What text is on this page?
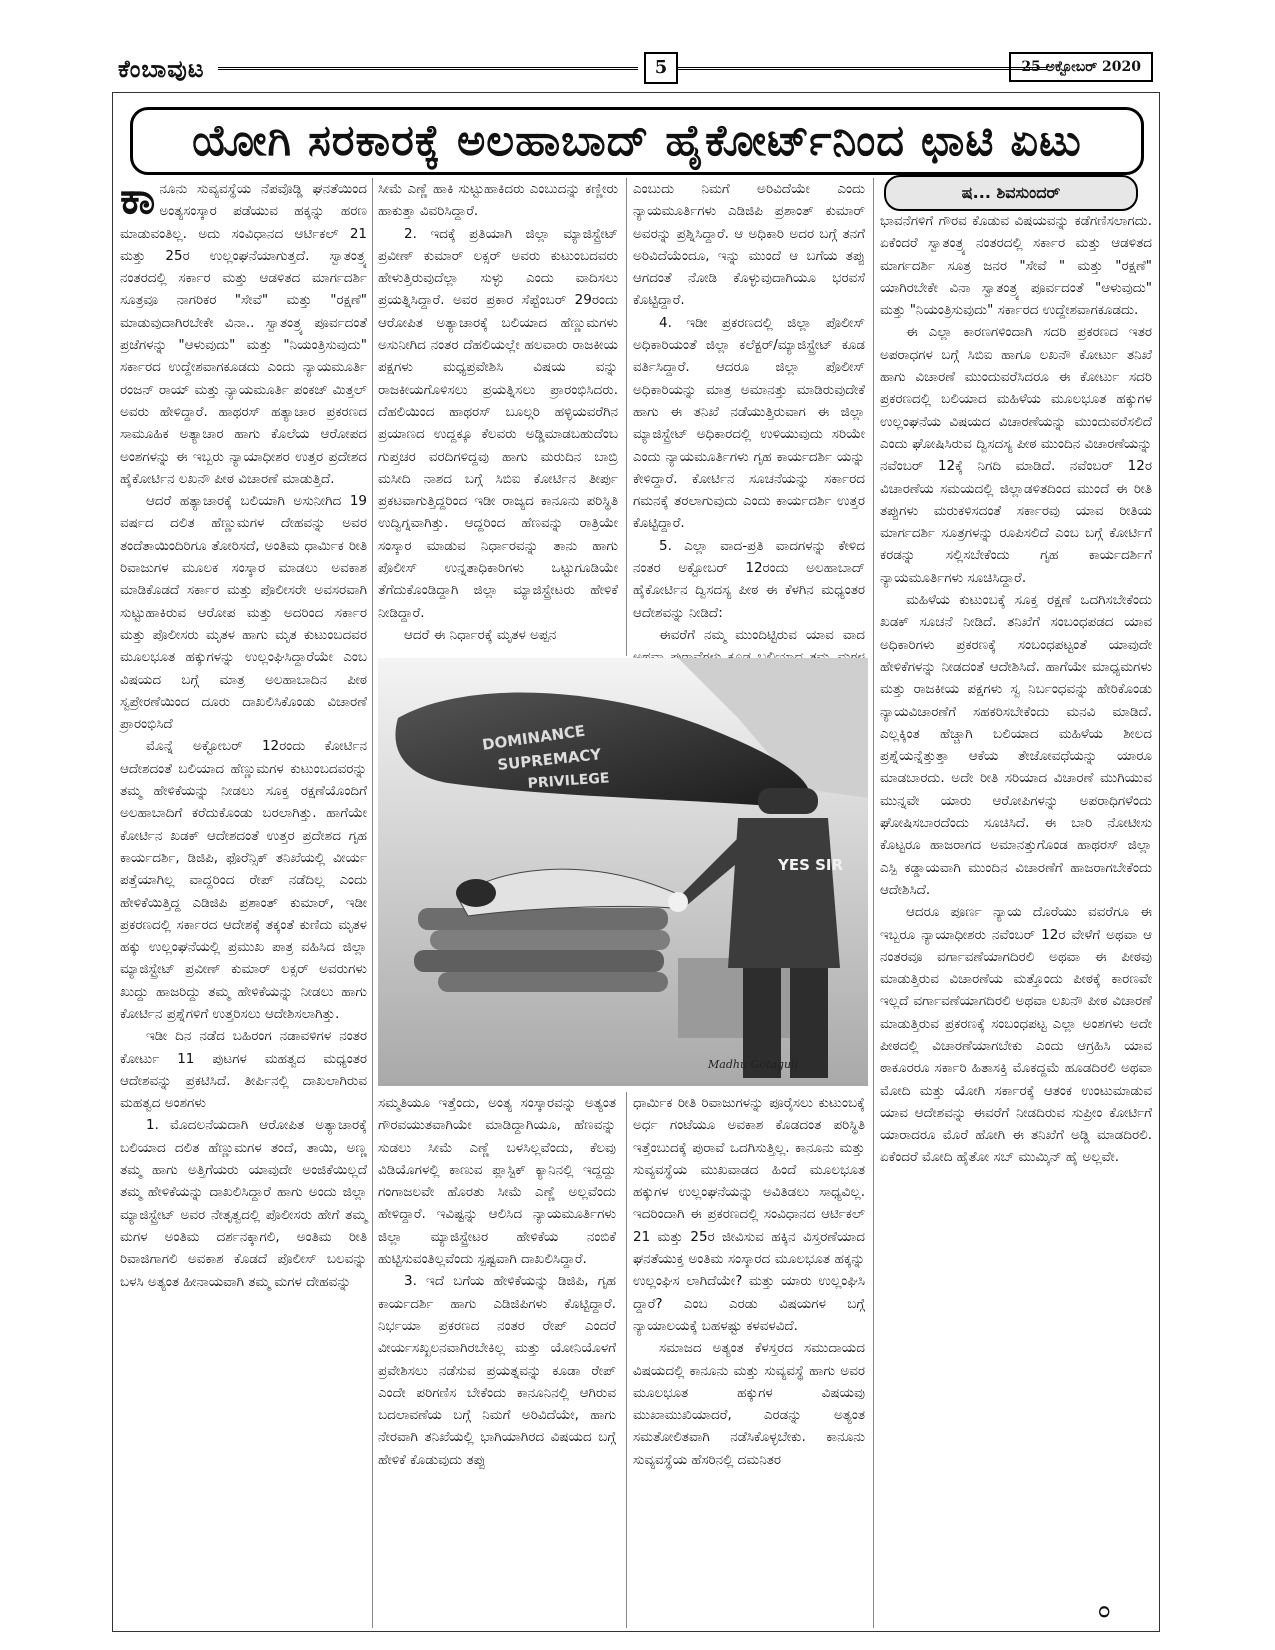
ಕೆಂಬಾವುಟ	5	25 ಅಕ್ಟೋಬರ್ 2020
ಯೋಗಿ ಸರಕಾರಕ್ಕೆ ಅಲಹಾಬಾದ್ ಹೈಕೋರ್ಟ್‌ನಿಂದ ಛಾಟಿ ಏಟು

ಕಾನೂನು ಸುವ್ಯವಸ್ಥೆಯ ನೆಪವೊಡ್ಡಿ ಘನತೆಯಿಂದ ಅಂತ್ಯಸಂಸ್ಕಾರ ಪಡೆಯುವ ಹಕ್ಕನ್ನು ಹರಣ ಮಾಡುವಂತಿಲ್ಲ. ಅದು ಸಂವಿಧಾನದ ಆರ್ಟಿಕಲ್ 21 ಮತ್ತು 25ರ ಉಲ್ಲಂಘನೆಯಾಗುತ್ತದೆ. ಸ್ವಾತಂತ್ರ್ಯ ನಂತರದಲ್ಲಿ ಸರ್ಕಾರ ಮತ್ತು ಆಡಳಿತದ ಮಾರ್ಗದರ್ಶಿ ಸೂತ್ರವೂ ನಾಗರಿಕರ "ಸೇವೆ" ಮತ್ತು "ರಕ್ಷಣೆ" ಮಾಡುವುದಾಗಿರಬೇಕೇ ವಿನಾ.. ಸ್ವಾತಂತ್ರ್ಯ ಪೂರ್ವದಂತೆ ಪ್ರಜೆಗಳನ್ನು "ಆಳುವುದು" ಮತ್ತು "ನಿಯಂತ್ರಿಸುವುದು" ಸರ್ಕಾರದ ಉದ್ದೇಶವಾಗಕೂಡದು ಎಂದು ನ್ಯಾಯಮೂರ್ತಿ ರಂಜನ್ ರಾಯ್ ಮತ್ತು ನ್ಯಾಯಮೂರ್ತಿ ಪಂಕಜ್ ಮಿತ್ತಲ್ ಅವರು ಹೇಳಿದ್ದಾರೆ. ಹಾಥರಸ್ ಹತ್ಯಾಚಾರ ಪ್ರಕರಣದ ಸಾಮೂಹಿಕ ಅತ್ಯಾಚಾರ ಹಾಗು ಕೊಲೆಯ ಆರೋಪದ ಅಂಶಗಳನ್ನು ಈ ಇಬ್ಬರು ನ್ಯಾಯಾಧೀಶರ ಉತ್ತರ ಪ್ರದೇಶದ ಹೈಕೋರ್ಟಿನ ಲಖನೌ ಪೀಠ ವಿಚಾರಣೆ ಮಾಡುತ್ತಿದೆ.

ಆದರೆ ಹತ್ಯಾಚಾರಕ್ಕೆ ಬಲಿಯಾಗಿ ಅಸುನೀಗಿದ 19 ವರ್ಷದ ದಲಿತ ಹೆಣ್ಣುಮಗಳ ದೇಹವನ್ನು ಅವರ ತಂದೆತಾಯಿಂದಿರಿಗೂ ತೋರಿಸದೆ, ಅಂತಿಮ ಧಾರ್ಮಿಕ ರೀತಿ ರಿವಾಜುಗಳ ಮೂಲಕ ಸಂಸ್ಕಾರ ಮಾಡಲು ಅವಕಾಶ ಮಾಡಿಕೊಡದೆ ಸರ್ಕಾರ ಮತ್ತು ಪೊಲೀಸರೇ ಅವಸರವಾಗಿ ಸುಟ್ಟುಹಾಕಿರುವ ಆರೋಪ ಮತ್ತು ಅದರಿಂದ ಸರ್ಕಾರ ಮತ್ತು ಪೊಲೀಸರು ಮೃತಳ ಹಾಗು ಮೃತ ಕುಟುಂಬದವರ ಮೂಲಭೂತ ಹಕ್ಕುಗಳನ್ನು ಉಲ್ಲಂಘಿಸಿದ್ದಾರೆಯೇ ಎಂಬ ವಿಷಯದ ಬಗ್ಗೆ ಮಾತ್ರ ಅಲಹಾಬಾದಿನ ಪೀಠ ಸ್ವಪ್ರೇರಣೆಯಿಂದ ದೂರು ದಾಖಲಿಸಿಕೊಂಡು ವಿಚಾರಣೆ ಪ್ರಾರಂಭಿಸಿದೆ

ಮೊನ್ನೆ ಅಕ್ಟೋಬರ್ 12ರಂದು ಕೋರ್ಟಿನ ಆದೇಶದಂತೆ ಬಲಿಯಾದ ಹೆಣ್ಣುಮಗಳ ಕುಟುಂಬದವರನ್ನು ತಮ್ಮ ಹೇಳಿಕೆಯನ್ನು ನೀಡಲು ಸೂಕ್ತ ರಕ್ಷಣೆಯೊಂದಿಗೆ ಅಲಹಾಬಾದಿಗೆ ಕರೆದುಕೊಂಡು ಬರಲಾಗಿತ್ತು. ಹಾಗೆಯೇ ಕೋರ್ಟಿನ ಖಡಕ್ ಆದೇಶದಂತೆ ಉತ್ತರ ಪ್ರದೇಶದ ಗೃಹ ಕಾರ್ಯದರ್ಶಿ, ಡಿಜಿಪಿ, ಫೊರೆನ್ಸಿಕ್ ತನಿಖೆಯಲ್ಲಿ ವೀರ್ಯ ಪತ್ತೆಯಾಗಿಲ್ಲ ವಾದ್ದರಿಂದ ರೇಪ್ ನಡೆದಿಲ್ಲ ಎಂದು ಹೇಳಿಕೆಯಿತ್ತಿದ್ದ ಎಡಿಜಿಪಿ ಪ್ರಶಾಂತ್ ಕುಮಾರ್, ಇಡೀ ಪ್ರಕರಣದಲ್ಲಿ ಸರ್ಕಾರದ ಆದೇಶಕ್ಕೆ ತಕ್ಕಂತೆ ಕುಣಿದು ಮೃತಳ ಹಕ್ಕು ಉಲ್ಲಂಘನೆಯಲ್ಲಿ ಪ್ರಮುಖ ಪಾತ್ರ ವಹಿಸಿದ ಜಿಲ್ಲಾ ಮ್ಯಾಜಿಸ್ಟ್ರೇಟ್ ಪ್ರವೀಣ್ ಕುಮಾರ್ ಲಕ್ಸರ್ ಅವರುಗಳು ಖುದ್ದು ಹಾಜರಿದ್ದು ತಮ್ಮ ಹೇಳಿಕೆಯನ್ನು ನೀಡಲು ಹಾಗು ಕೋರ್ಟಿನ ಪ್ರಶ್ನೆಗಳಿಗೆ ಉತ್ತರಿಸಲು ಆದೇಶಿಸಲಾಗಿತ್ತು.

ಇಡೀ ದಿನ ನಡೆದ ಬಹಿರಂಗ ನಡಾವಳಿಗಳ ನಂತರ ಕೋರ್ಟು 11 ಪುಟಗಳ ಮಹತ್ವದ ಮಧ್ಯಂತರ ಆದೇಶವನ್ನು ಪ್ರಕಟಿಸಿದೆ. ತೀರ್ಪಿನಲ್ಲಿ ದಾಖಲಾಗಿರುವ ಮಹತ್ವದ ಅಂಶಗಳು

1. ಮೊದಲನೆಯದಾಗಿ ಆರೋಪಿತ ಅತ್ಯಾಚಾರಕ್ಕೆ ಬಲಿಯಾದ ದಲಿತ ಹೆಣ್ಣುಮಗಳ ತಂದೆ, ತಾಯಿ, ಅಣ್ಣ ತಮ್ಮ ಹಾಗು ಅತ್ತಿಗೆಯರು ಯಾವುದೇ ಅಂಜಿಕೆಯಿಲ್ಲದೆ ತಮ್ಮ ಹೇಳಿಕೆಯನ್ನು ದಾಖಲಿಸಿದ್ದಾರೆ ಹಾಗು ಅಂದು ಜಿಲ್ಲಾ ಮ್ಯಾಜಿಸ್ಟ್ರೇಟ್ ಅವರ ನೇತೃತ್ವದಲ್ಲಿ ಪೊಲೀಸರು ಹೇಗೆ ತಮ್ಮ ಮಗಳ ಅಂತಿಮ ದರ್ಶನಕ್ಕಾಗಲಿ, ಅಂತಿಮ ರೀತಿ ರಿವಾಜಿಗಾಗಲಿ ಅವಕಾಶ ಕೊಡದೆ ಪೊಲೀಸ್ ಬಲವನ್ನು ಬಳಸಿ ಅತ್ಯಂತ ಹೀನಾಯವಾಗಿ ತಮ್ಮ ಮಗಳ ದೇಹವನ್ನು

ಸೀಮೆ ಎಣ್ಣೆ ಹಾಕಿ ಸುಟ್ಟುಹಾಕಿದರು ಎಂಬುದನ್ನು ಕಣ್ಣೀರು ಹಾಕುತ್ತಾ ವಿವರಿಸಿದ್ದಾರೆ.

2. ಇದಕ್ಕೆ ಪ್ರತಿಯಾಗಿ ಜಿಲ್ಲಾ ಮ್ಯಾಜಿಸ್ಟ್ರೇಟ್ ಪ್ರವೀಣ್ ಕುಮಾರ್ ಲಕ್ಸರ್ ಅವರು ಕುಟುಂಬದವರು ಹೇಳುತ್ತಿರುವುದೆಲ್ಲಾ ಸುಳ್ಳು ಎಂದು ವಾದಿಸಲು ಪ್ರಯತ್ನಿಸಿದ್ದಾರೆ. ಅವರ ಪ್ರಕಾರ ಸೆಪ್ಟೆಂಬರ್ 29ರಂದು ಆರೋಪಿತ ಅತ್ಯಾಚಾರಕ್ಕೆ ಬಲಿಯಾದ ಹೆಣ್ಣುಮಗಳು ಅಸುನೀಗಿದ ನಂತರ ದೆಹಲಿಯಲ್ಲೇ ಹಲವಾರು ರಾಜಕೀಯ ಪಕ್ಷಗಳು ಮಧ್ಯಪ್ರವೇಶಿಸಿ ವಿಷಯ ವನ್ನು ರಾಜಕೀಯಗೊಳಿಸಲು ಪ್ರಯತ್ನಿಸಲು ಪ್ರಾರಂಭಿಸಿದರು. ದೆಹಲಿಯಿಂದ ಹಾಥರಸ್ ಬೂಲ್ಗರಿ ಹಳ್ಳಿಯವರೆಗಿನ ಪ್ರಯಾಣದ ಉದ್ದಕ್ಕೂ ಕೆಲವರು ಅಡ್ಡಿಮಾಡಬಹುದೆಂಬ ಗುಪ್ತಚರ ವರದಿಗಳಿದ್ದವು ಹಾಗು ಮರುದಿನ ಬಾಬ್ರಿ ಮಸೀದಿ ನಾಶದ ಬಗ್ಗೆ ಸಿಬಿಐ ಕೋರ್ಟಿನ ತೀರ್ಪು ಪ್ರಕಟವಾಗುತ್ತಿದ್ದರಿಂದ ಇಡೀ ರಾಜ್ಯದ ಕಾನೂನು ಪರಿಸ್ಥಿತಿ ಉದ್ವಿಗ್ನವಾಗಿತ್ತು. ಆದ್ದರಿಂದ ಹೆಣವನ್ನು ರಾತ್ರಿಯೇ ಸಂಸ್ಕಾರ ಮಾಡುವ ನಿರ್ಧಾರವನ್ನು ತಾನು ಹಾಗು ಪೊಲೀಸ್ ಉನ್ನತಾಧಿಕಾರಿಗಳು ಒಟ್ಟುಗೂಡಿಯೇ ತೆಗೆದುಕೊಂಡಿದ್ದಾಗಿ ಜಿಲ್ಲಾ ಮ್ಯಾಜಿಸ್ಟ್ರೇಟರು ಹೇಳಿಕೆ ನೀಡಿದ್ದಾರೆ.

ಆದರೆ ಈ ನಿರ್ಧಾರಕ್ಕೆ ಮೃತಳ ಅಪ್ಪನ

ಎಂಬುದು ನಿಮಗೆ ಅರಿವಿದೆಯೇ ಎಂದು ನ್ಯಾಯಮೂರ್ತಿಗಳು ಎಡಿಜಿಪಿ ಪ್ರಶಾಂತ್ ಕುಮಾರ್ ಅವರನ್ನು ಪ್ರಶ್ನಿಸಿದ್ದಾರೆ. ಆ ಅಧಿಕಾರಿ ಅದರ ಬಗ್ಗೆ ತನಗೆ ಅರಿವಿದೆಯೆಂದೂ, ಇನ್ನು ಮುಂದೆ ಆ ಬಗೆಯ ತಪ್ಪು ಆಗದಂತೆ ನೋಡಿ ಕೊಳ್ಳುವುದಾಗಿಯೂ ಭರವಸೆ ಕೊಟ್ಟಿದ್ದಾರೆ.

4. ಇಡೀ ಪ್ರಕರಣದಲ್ಲಿ ಜಿಲ್ಲಾ ಪೊಲೀಸ್ ಅಧಿಕಾರಿಯಂತೆ ಜಿಲ್ಲಾ ಕಲೆಕ್ಟರ್/ಮ್ಯಾಜಿಸ್ಟ್ರೇಟ್ ಕೂಡ ವರ್ತಿಸಿದ್ದಾರೆ. ಆದರೂ ಜಿಲ್ಲಾ ಪೊಲೀಸ್ ಅಧಿಕಾರಿಯನ್ನು ಮಾತ್ರ ಅಮಾನತ್ತು ಮಾಡಿರುವುದೇಕೆ ಹಾಗು ಈ ತನಿಖೆ ನಡೆಯುತ್ತಿರುವಾಗ ಈ ಜಿಲ್ಲಾ ಮ್ಯಾಜಿಸ್ಟ್ರೇಟ್ ಅಧಿಕಾರದಲ್ಲಿ ಉಳಿಯುವುದು ಸರಿಯೇ ಎಂದು ನ್ಯಾಯಮೂರ್ತಿಗಳು ಗೃಹ ಕಾರ್ಯದರ್ಶಿ ಯನ್ನು ಕೇಳಿದ್ದಾರೆ. ಕೋರ್ಟಿನ ಸೂಚನೆಯನ್ನು ಸರ್ಕಾರದ ಗಮನಕ್ಕೆ ತರಲಾಗುವುದು ಎಂದು ಕಾರ್ಯದರ್ಶಿ ಉತ್ತರ ಕೊಟ್ಟಿದ್ದಾರೆ.

5. ಎಲ್ಲಾ ವಾದ-ಪ್ರತಿ ವಾದಗಳನ್ನು ಕೇಳಿದ ನಂತರ ಅಕ್ಟೋಬರ್ 12ರಂದು ಅಲಹಾಬಾದ್ ಹೈಕೋರ್ಟಿನ ದ್ವಿಸದಸ್ಯ ಪೀಠ ಈ ಕೆಳಗಿನ ಮಧ್ಯಂತರ ಆದೇಶವನ್ನು ನೀಡಿದೆ:

ಈವರೆಗೆ ನಮ್ಮ ಮುಂದಿಟ್ಟಿರುವ ಯಾವ ವಾದ

ಷ... ಶಿವಸುಂದರ್

ಭಾವನೆಗಳಿಗೆ ಗೌರವ ಕೊಡುವ ವಿಷಯವನ್ನು ಕಡೆಗಣಿಸಲಾಗದು. ಏಕೆಂದರೆ ಸ್ವಾತಂತ್ರ್ಯ ನಂತರದಲ್ಲಿ ಸರ್ಕಾರ ಮತ್ತು ಆಡಳಿತದ ಮಾರ್ಗದರ್ಶಿ ಸೂತ್ರ ಜನರ "ಸೇವೆ " ಮತ್ತು "ರಕ್ಷಣೆ" ಯಾಗಿರಬೇಕೇ ವಿನಾ ಸ್ವಾತಂತ್ರ್ಯ ಪೂರ್ವದಂತೆ "ಆಳುವುದು" ಮತ್ತು "ನಿಯಂತ್ರಿಸುವುದು" ಸರ್ಕಾರದ ಉದ್ದೇಶವಾಗಕೂಡದು.

ಈ ಎಲ್ಲಾ ಕಾರಣಗಳಿಂದಾಗಿ ಸದರಿ ಪ್ರಕರಣದ ಇತರ ಅಪರಾಧಗಳ ಬಗ್ಗೆ ಸಿಬಿಐ ಹಾಗೂ ಲಖನೌ ಕೋರ್ಟು ತನಿಖೆ ಹಾಗು ವಿಚಾರಣೆ ಮುಂದುವರೆಸಿದರೂ ಈ ಕೋರ್ಟು ಸದರಿ ಪ್ರಕರಣದಲ್ಲಿ ಬಲಿಯಾದ ಮಹಿಳೆಯ ಮೂಲಭೂತ ಹಕ್ಕುಗಳ ಉಲ್ಲಂಘನೆಯ ವಿಷಯದ ವಿಚಾರಣೆಯನ್ನು ಮುಂದುವರೆಸಲಿದೆ ಎಂದು ಘೋಷಿಸಿರುವ ದ್ವಿಸದಸ್ಯ ಪೀಠ ಮುಂದಿನ ವಿಚಾರಣೆಯನ್ನು ನವೆಂಬರ್ 12ಕ್ಕೆ ನಿಗದಿ ಮಾಡಿದೆ. ನವೆಂಬರ್ 12ರ ವಿಚಾರಣೆಯ ಸಮಯದಲ್ಲಿ ಜಿಲ್ಲಾಡಳಿತದಿಂದ ಮುಂದೆ ಈ ರೀತಿ ತಪ್ಪುಗಳು ಮರುಕಳಿಸದಂತೆ ಸರ್ಕಾರವು ಯಾವ ರೀತಿಯ ಮಾರ್ಗದರ್ಶಿ ಸೂತ್ರಗಳನ್ನು ರೂಪಿಸಲಿದೆ ಎಂಬ ಬಗ್ಗೆ ಕೋರ್ಟಿಗೆ ಕರಡನ್ನು ಸಲ್ಲಿಸಬೇಕೆಂದು ಗೃಹ ಕಾರ್ಯದರ್ಶಿಗೆ ನ್ಯಾಯಮೂರ್ತಿಗಳು ಸೂಚಿಸಿದ್ದಾರೆ.

ಮಹಿಳೆಯ ಕುಟುಂಬಕ್ಕೆ ಸೂಕ್ತ ರಕ್ಷಣೆ ಒದಗಿಸಬೇಕೆಂದು ಖಡಕ್ ಸೂಚನೆ ನೀಡಿದೆ. ತನಿಖೆಗೆ ಸಂಬಂಧಪಡದ ಯಾವ ಅಧಿಕಾರಿಗಳು ಪ್ರಕರಣಕ್ಕೆ ಸಂಬಂಧಪಟ್ಟಂತೆ ಯಾವುದೇ ಹೇಳಿಕೆಗಳನ್ನು ನೀಡದಂತೆ ಆದೇಶಿಸಿದೆ. ಹಾಗೆಯೇ ಮಾಧ್ಯಮಗಳು ಮತ್ತು ರಾಜಕೀಯ ಪಕ್ಷಗಳು ಸ್ವ ನಿರ್ಬಂಧವನ್ನು ಹೇರಿಕೊಂಡು ನ್ಯಾಯವಿಚಾರಣೆಗೆ ಸಹಕರಿಸಬೇಕೆಂದು ಮನವಿ ಮಾಡಿದೆ. ಎಲ್ಲಕ್ಕಿಂತ ಹೆಚ್ಚಾಗಿ ಬಲಿಯಾದ ಮಹಿಳೆಯ ಶೀಲದ ಪ್ರಶ್ನೆಯನ್ನೆತ್ತುತ್ತಾ ಆಕೆಯ ತೇಜೋವಧೆಯನ್ನು ಯಾರೂ ಮಾಡಬಾರದು. ಅದೇ ರೀತಿ ಸರಿಯಾದ ವಿಚಾರಣೆ ಮುಗಿಯುವ ಮುನ್ನವೇ ಯಾರು ಆರೋಪಿಗಳನ್ನು ಅಪರಾಧಿಗಳೆಂದು ಘೋಷಿಸಬಾರದೆಂದು ಸೂಚಿಸಿದೆ. ಈ ಬಾರಿ ನೋಟೀಸು ಕೊಟ್ಟರೂ ಹಾಜರಾಗದ ಅಮಾನತ್ತುಗೊಂಡ ಹಾಥರಸ್ ಜಿಲ್ಲಾ ಎಸ್ಪಿ ಕಡ್ಡಾಯವಾಗಿ ಮುಂದಿನ ವಿಚಾರಣೆಗೆ ಹಾಜರಾಗಬೇಕೆಂದು ಆದೇಶಿಸಿದೆ.

ಆದರೂ ಪೂರ್ಣ ನ್ಯಾಯ ದೊರೆಯು ವವರೆಗೂ ಈ ಇಬ್ಬರೂ ನ್ಯಾಯಾಧೀಶರು ನವೆಂಬರ್ 12ರ ವೇಳೆಗೆ ಅಥವಾ ಆ ನಂತರವೂ ವರ್ಗಾವಣೆಯಾಗದಿರಲಿ ಅಥವಾ ಈ ಪೀಠವು ಮಾಡುತ್ತಿರುವ ವಿಚಾರಣೆಯ ಮತ್ತೊಂದು ಪೀಠಕ್ಕೆ ಕಾರಣವೇ ಇಲ್ಲದೆ ವರ್ಗಾವಣೆಯಾಗದಿರಲಿ ಅಥವಾ ಲಖನೌ ಪೀಠ ವಿಚಾರಣೆ ಮಾಡುತ್ತಿರುವ ಪ್ರಕರಣಕ್ಕೆ ಸಂಬಂಧಪಟ್ಟ ಎಲ್ಲಾ ಅಂಶಗಳು ಅದೇ ಪೀಠದಲ್ಲಿ ವಿಚಾರಣೆಯಾಗಬೇಕು ಎಂದು ಆಗ್ರಹಿಸಿ ಯಾವ ಠಾಕೂರರೂ ಸರ್ಕಾರಿ ಹಿತಾಸಕ್ತಿ ಮೊಕದ್ದಮೆ ಹೂಡದಿರಲಿ ಅಥವಾ ಮೋದಿ ಮತ್ತು ಯೋಗಿ ಸರ್ಕಾರಕ್ಕೆ ಆತಂಕ ಉಂಟುಮಾಡುವ ಯಾವ ಆದೇಶವನ್ನು ಈವರೆಗೆ ನೀಡದಿರುವ ಸುಪ್ರೀಂ ಕೋರ್ಟಿಗೆ ಯಾರಾದರೂ ಮೊರೆ ಹೋಗಿ ಈ ತನಿಖೆಗೆ ಅಡ್ಡಿ ಮಾಡದಿರಲಿ. ಏಕೆಂದರೆ ಮೋದಿ ಹೈತೋ ಸಬ್ ಮುಮ್ಕಿನ್ ಹೈ ಅಲ್ಲವೇ.

೦
DOMINANCE
SUPREMACY
PRIVILEGE
YES SIR
Madhu Gotaguli

ಸಮ್ಮತಿಯೂ ಇತ್ತೆಂದು, ಅಂತ್ಯ ಸಂಸ್ಕಾರವನ್ನು ಅತ್ಯಂತ ಗೌರವಯುತವಾಗಿಯೇ ಮಾಡಿದ್ದಾಗಿಯೂ, ಹೆಣವನ್ನು ಸುಡಲು ಸೀಮೆ ಎಣ್ಣೆ ಬಳಸಿಲ್ಲವೆಂದು, ಕೆಲವು ವಿಡಿಯೊಗಳಲ್ಲಿ ಕಾಣುವ ಪ್ಲಾಸ್ಟಿಕ್ ಕ್ಯಾನಿನಲ್ಲಿ ಇದ್ದದ್ದು ಗಂಗಾಜಲವೇ ಹೊರತು ಸೀಮೆ ಎಣ್ಣೆ ಅಲ್ಲವೆಂದು ಹೇಳಿದ್ದಾರೆ. ಇವಿಷ್ಟನ್ನು ಆಲಿಸಿದ ನ್ಯಾಯಮೂರ್ತಿಗಳು ಜಿಲ್ಲಾ ಮ್ಯಾಜಿಸ್ಟ್ರೇಟರ ಹೇಳಿಕೆಯ ನಂಬಿಕೆ ಹುಟ್ಟಿಸುವಂತಿಲ್ಲವೆಂದು ಸ್ಪಷ್ಟವಾಗಿ ದಾಖಲಿಸಿದ್ದಾರೆ.

3. ಇದೆ ಬಗೆಯ ಹೇಳಿಕೆಯನ್ನು ಡಿಜಿಪಿ, ಗೃಹ ಕಾರ್ಯದರ್ಶಿ ಹಾಗು ಎಡಿಜಿಪಿಗಳು ಕೊಟ್ಟಿದ್ದಾರೆ. ನಿರ್ಭಯಾ ಪ್ರಕರಣದ ನಂತರ ರೇಪ್ ಎಂದರೆ ವೀರ್ಯಸಖ್ಖಲನವಾಗಿರಬೇಕಿಲ್ಲ ಮತ್ತು ಯೋನಿಯೊಳಗೆ ಪ್ರವೇಶಿಸಲು ನಡೆಸುವ ಪ್ರಯತ್ನವನ್ನು ಕೂಡಾ ರೇಪ್ ಎಂದೇ ಪರಿಗಣಿಸ ಬೇಕೆಂದು ಕಾನೂನಿನಲ್ಲಿ ಆಗಿರುವ ಬದಲಾವಣೆಯ ಬಗ್ಗೆ ನಿಮಗೆ ಅರಿವಿದೆಯೇ, ಹಾಗು ನೇರವಾಗಿ ತನಿಖೆಯಲ್ಲಿ ಭಾಗಿಯಾಗಿರದ ವಿಷಯದ ಬಗ್ಗೆ ಹೇಳಿಕೆ ಕೊಡುವುದು ತಪ್ಪು

ಧಾರ್ಮಿಕ ರೀತಿ ರಿವಾಜುಗಳನ್ನು ಪೂರೈಸಲು ಕುಟುಂಬಕ್ಕೆ ಅರ್ಧ ಗಂಟೆಯೂ ಅವಕಾಶ ಕೊಡದಂತ ಪರಿಸ್ಥಿತಿ ಇತ್ತೆಂಬುದಕ್ಕೆ ಪುರಾವೆ ಒದಗಿಸುತ್ತಿಲ್ಲ. ಕಾನೂನು ಮತ್ತು ಸುವ್ಯವಸ್ಥೆಯ ಮುಖವಾಡದ ಹಿಂದೆ ಮೂಲಭೂತ ಹಕ್ಕುಗಳ ಉಲ್ಲಂಘನೆಯನ್ನು ಅವಿತಿಡಲು ಸಾಧ್ಯವಿಲ್ಲ. ಇದರಿಂದಾಗಿ ಈ ಪ್ರಕರಣದಲ್ಲಿ ಸಂವಿಧಾನದ ಆರ್ಟಿಕಲ್ 21 ಮತ್ತು 25ರ ಜೀವಿಸುವ ಹಕ್ಕಿನ ವಿಸ್ತರಣೆಯಾದ ಘನತೆಯುಕ್ತ ಅಂತಿಮ ಸಂಸ್ಕಾರದ ಮೂಲಭೂತ ಹಕ್ಕನ್ನು ಉಲ್ಲಂಘಿಸ ಲಾಗಿದೆಯೇ? ಮತ್ತು ಯಾರು ಉಲ್ಲಂಘಿಸಿ ದ್ದಾರೆ? ಎಂಬ ಎರಡು ವಿಷಯಗಳ ಬಗ್ಗೆ ನ್ಯಾಯಾಲಯಕ್ಕೆ ಬಹಳಷ್ಟು ಕಳವಳವಿದೆ.

ಸಮಾಜದ ಅತ್ಯಂತ ಕೆಳಸ್ತರದ ಸಮುದಾಯದ ವಿಷಯದಲ್ಲಿ ಕಾನೂನು ಮತ್ತು ಸುವ್ಯವಸ್ಥೆ ಹಾಗು ಅವರ ಮೂಲಭೂತ ಹಕ್ಕುಗಳ ವಿಷಯವು ಮುಖಾಮುಖಿಯಾದರೆ, ಎರಡನ್ನು ಅತ್ಯಂತ ಸಮತೋಲಿತವಾಗಿ ನಡೆಸಿಕೊಳ್ಳಬೇಕು. ಕಾನೂನು ಸುವ್ಯವಸ್ಥೆಯ ಹೆಸರಿನಲ್ಲಿ ದಮನಿತರ
